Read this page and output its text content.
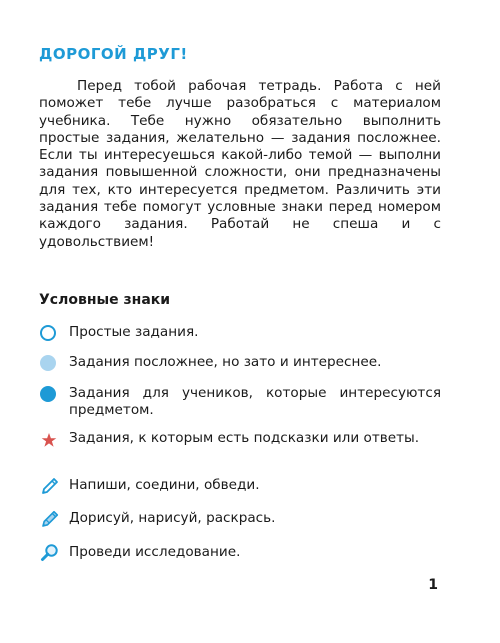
ДОРОГОЙ ДРУГ!

Перед тобой рабочая тетрадь. Работа с ней поможет тебе лучше разобраться с материалом учебника. Тебе нужно обязательно выполнить простые задания, желательно — задания посложнее. Если ты интересуешься какой-либо темой — выполни задания повышенной сложности, они предназначены для тех, кто интересуется предметом. Различить эти задания тебе помогут условные знаки перед номером каждого задания. Работай не спеша и с удовольствием!

Условные знаки

Простые задания.

Задания посложнее, но зато и интереснее.

Задания для учеников, которые интересуются предметом.

Задания, к которым есть подсказки или ответы.

Напиши, соедини, обведи.

Дорисуй, нарисуй, раскрась.

Проведи исследование.

1
